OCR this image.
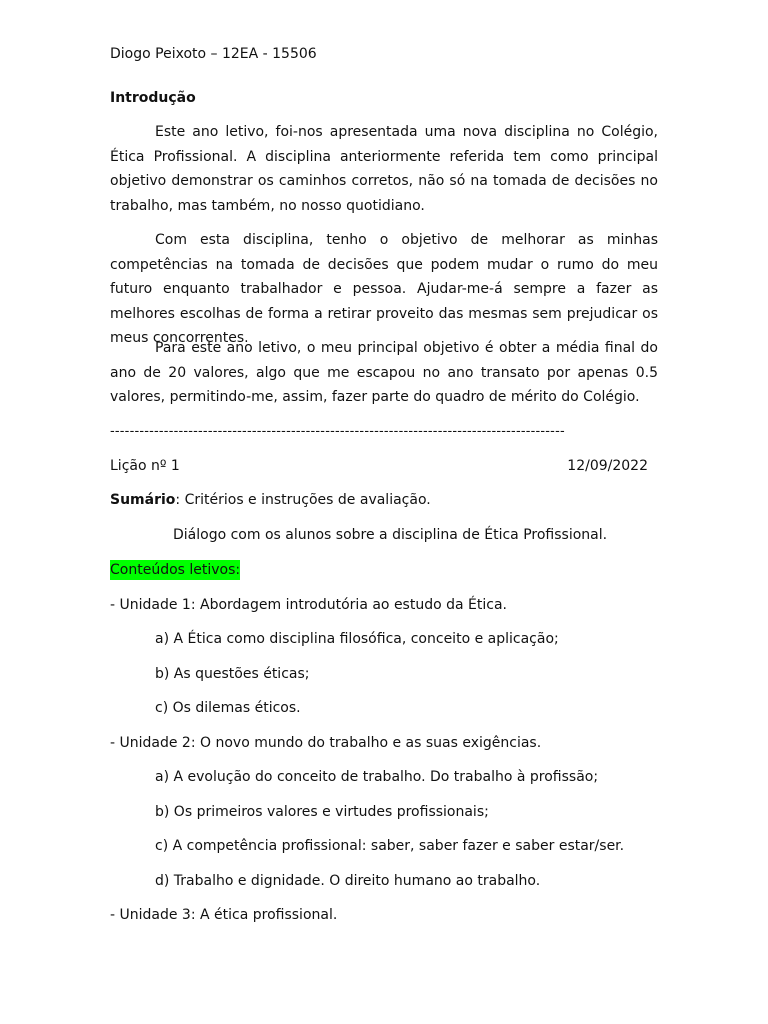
Diogo Peixoto – 12EA - 15506
Introdução
Este ano letivo, foi-nos apresentada uma nova disciplina no Colégio, Ética Profissional. A disciplina anteriormente referida tem como principal objetivo demonstrar os caminhos corretos, não só na tomada de decisões no trabalho, mas também, no nosso quotidiano.
Com esta disciplina, tenho o objetivo de melhorar as minhas competências na tomada de decisões que podem mudar o rumo do meu futuro enquanto trabalhador e pessoa. Ajudar-me-á sempre a fazer as melhores escolhas de forma a retirar proveito das mesmas sem prejudicar os meus concorrentes.
Para este ano letivo, o meu principal objetivo é obter a média final do ano de 20 valores, algo que me escapou no ano transato por apenas 0.5 valores, permitindo-me, assim, fazer parte do quadro de mérito do Colégio.
---------------------------------------------------------------------------------------------
Lição nº 1	12/09/2022
Sumário: Critérios e instruções de avaliação.
Diálogo com os alunos sobre a disciplina de Ética Profissional.
Conteúdos letivos:
- Unidade 1: Abordagem introdutória ao estudo da Ética.
a) A Ética como disciplina filosófica, conceito e aplicação;
b) As questões éticas;
c) Os dilemas éticos.
- Unidade 2: O novo mundo do trabalho e as suas exigências.
a) A evolução do conceito de trabalho. Do trabalho à profissão;
b) Os primeiros valores e virtudes profissionais;
c) A competência profissional: saber, saber fazer e saber estar/ser.
d) Trabalho e dignidade. O direito humano ao trabalho.
- Unidade 3: A ética profissional.
